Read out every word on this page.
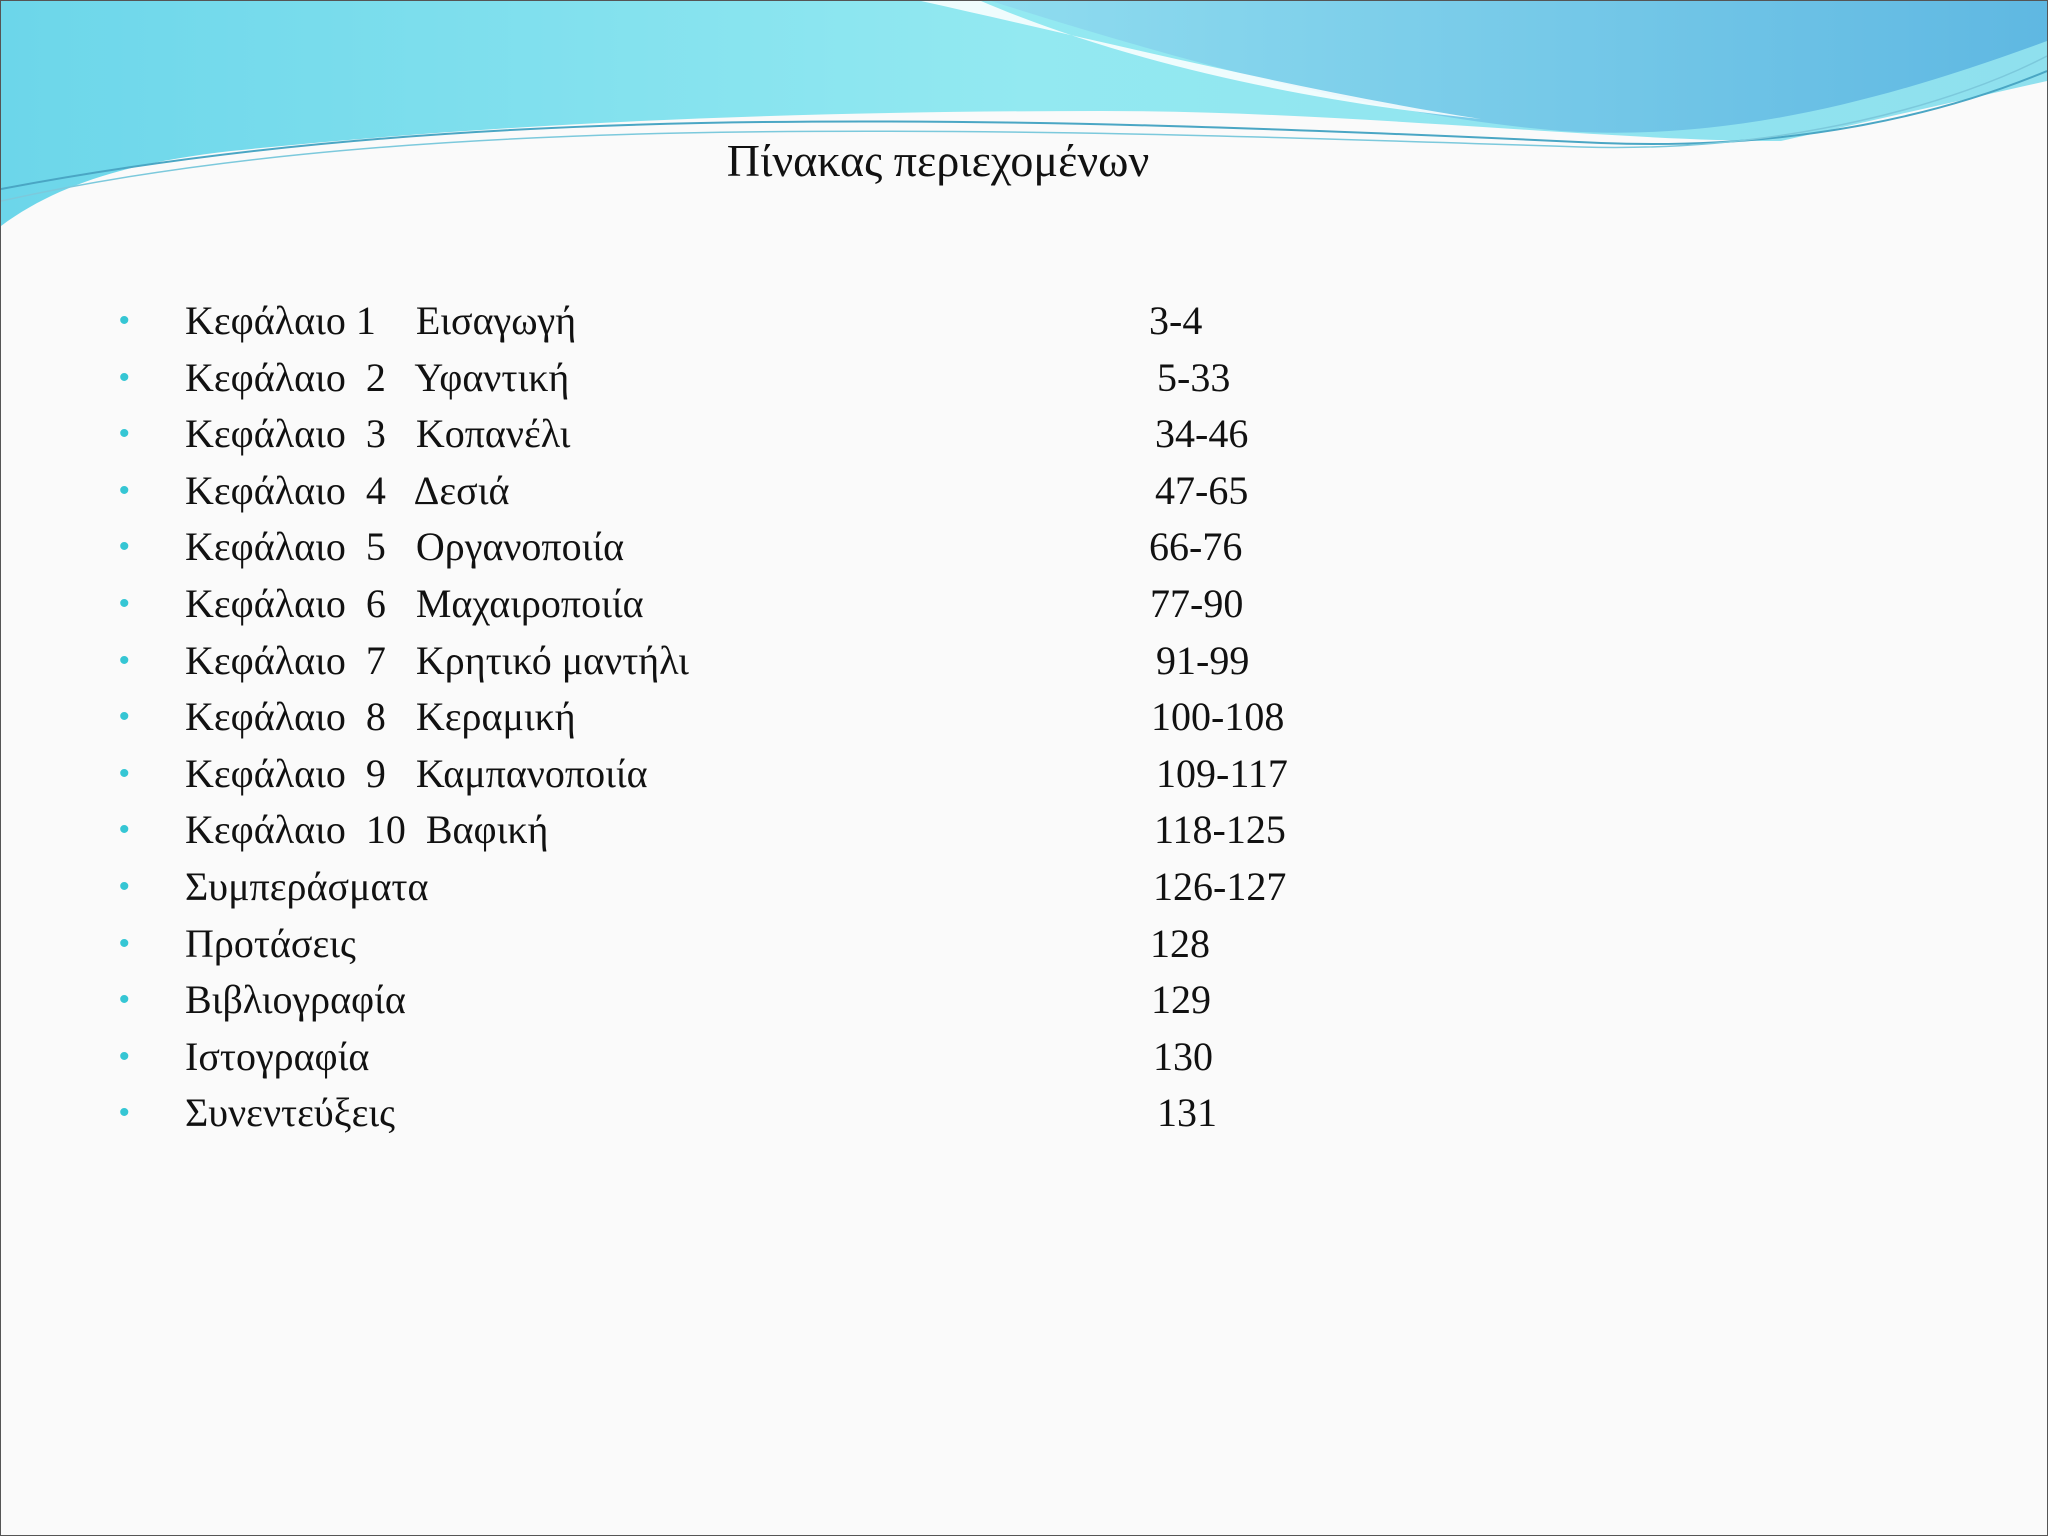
Πίνακας περιεχομένων
• Κεφάλαιο 1    Εισαγωγή	3-4
• Κεφάλαιο  2   Υφαντική	5-33
• Κεφάλαιο  3   Κοπανέλι	34-46
• Κεφάλαιο  4   Δεσιά	47-65
• Κεφάλαιο  5   Οργανοποιία	66-76
• Κεφάλαιο  6   Μαχαιροποιία	77-90
• Κεφάλαιο  7   Κρητικό μαντήλι	91-99
• Κεφάλαιο  8   Κεραμική	100-108
• Κεφάλαιο  9   Καμπανοποιία	109-117
• Κεφάλαιο  10  Βαφική	118-125
• Συμπεράσματα	126-127
• Προτάσεις	128
• Βιβλιογραφία	129
• Ιστογραφία	130
• Συνεντεύξεις	131
